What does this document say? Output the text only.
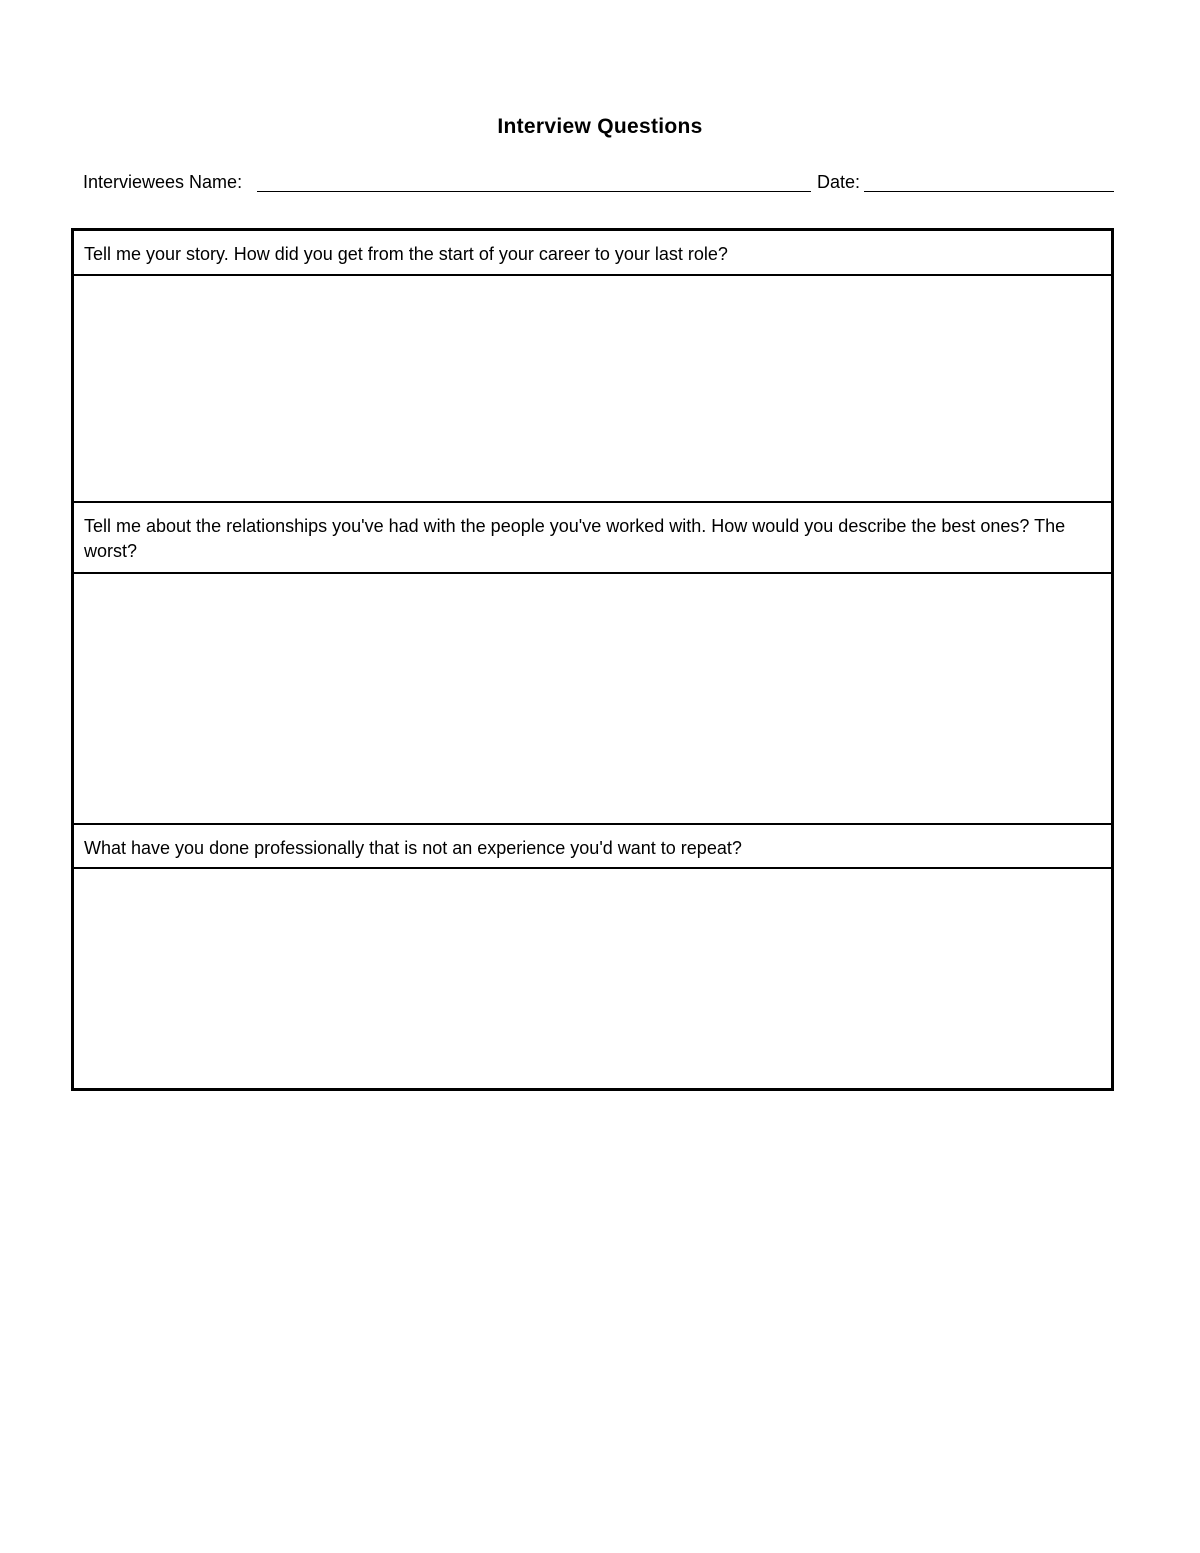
Interview Questions
Interviewees Name:	Date:
Tell me your story. How did you get from the start of your career to your last role?
Tell me about the relationships you've had with the people you've worked with. How would you describe the best ones? The worst?
What have you done professionally that is not an experience you'd want to repeat?
